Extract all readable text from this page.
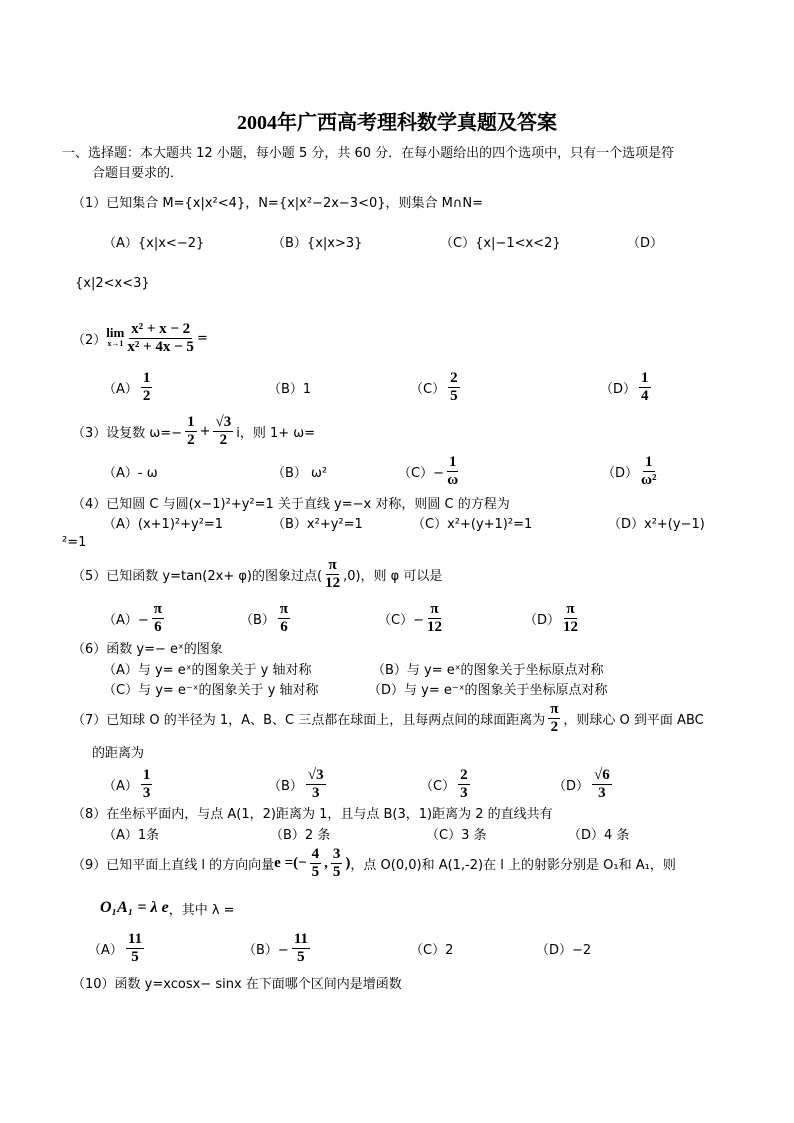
2004年广西高考理科数学真题及答案
一、选择题：本大题共 12 小题，每小题 5 分，共 60 分．在每小题给出的四个选项中，只有一个选项是符
合题目要求的．
（1）已知集合 M={x|x²<4}，N={x|x²−2x−3<0}，则集合 M∩N=
（A）{x|x<−2}	（B）{x|x>3}	（C）{x|−1<x<2}	（D）
{x|2<x<3}
（2） lim
$x\to 1 \frac{\text{x² + x − 2}}{\text{x² + 4x − 5}}$ =
$(A) \frac{1}{2}$	（B）1	$(C) \frac{2}{5}$	$(D) \frac{1}{4}$
（3）设复数 $\omega=- \frac{1}{2} + \frac{√3}{2}$ i，则 1+ ω=
（A）- ω	（B） ω²	$(C)- \frac{1}{\omega}$	$(D) \frac{1}{\text{ω²}}$
（4）已知圆 C 与圆(x−1)²+y²=1 关于直线 y=−x 对称，则圆 C 的方程为
（A）(x+1)²+y²=1	（B）x²+y²=1	（C）x²+(y+1)²=1	（D）x²+(y−1)
²=1
（5）已知函数 y=tan(2x+ φ)的图象过点( $\frac{\pi}{12} ,0$)，则 φ 可以是
$(A)- \frac{\pi}{6}$	$(B) \frac{\pi}{6}$	$(C)- \frac{\pi}{12}$	$(D) \frac{\pi}{12}$
（6）函数 y=− eˣ的图象
（A）与 y= eˣ的图象关于 y 轴对称	（B）与 y= eˣ的图象关于坐标原点对称
（C）与 y= e⁻ˣ的图象关于 y 轴对称	（D）与 y= e⁻ˣ的图象关于坐标原点对称
（7）已知球 O 的半径为 1，A、B、C 三点都在球面上，且每两点间的球面距离为 $\frac{\pi}{2}$ ，则球心 O 到平面 ABC
的距离为
$(A) \frac{1}{3}$	$(B) \frac{√3}{3}$	$(C) \frac{2}{3}$	$(D) \frac{√6}{3}$
（8）在坐标平面内，与点 A(1，2)距离为 1，且与点 B(3，1)距离为 2 的直线共有
（A）1条	（B）2 条	（C）3 条	（D）4 条
（9）已知平面上直线 l 的方向向量 e =(− $\frac{4}{5}$ , $\frac{3}{5}$ ) ，点 O(0,0)和 A(1,-2)在 l 上的射影分别是 O₁和 A₁，则
O₁A₁ = λ e ，其中 λ =
$(A) \frac{11}{5}$	$(B)- \frac{11}{5}$	（C）2	（D）−2
（10）函数 y=xcosx− sinx 在下面哪个区间内是增函数
